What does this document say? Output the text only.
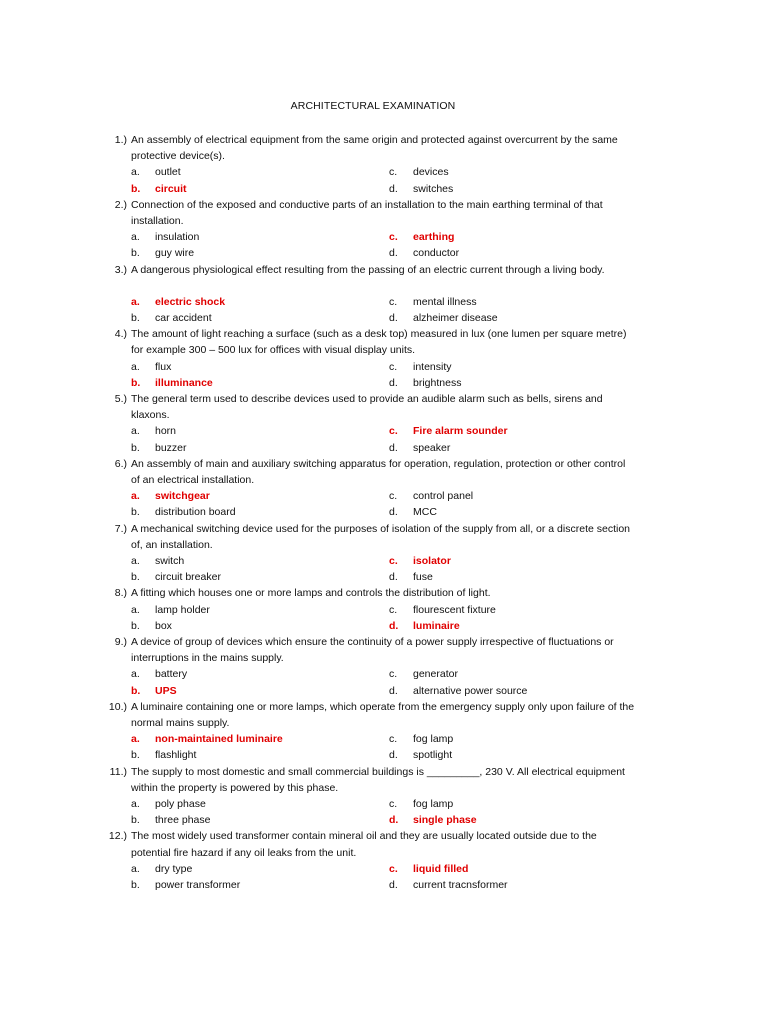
ARCHITECTURAL EXAMINATION
1.) An assembly of electrical equipment from the same origin and protected against overcurrent by the same protective device(s).
a.	outlet
b.	circuit
c.	devices
d.	switches
2.) Connection of the exposed and conductive parts of an installation to the main earthing terminal of that installation.
a.	insulation
b.	guy wire
c.	earthing
d.	conductor
3.) A dangerous physiological effect resulting from the passing of an electric current through a living body.
a.	electric shock
b.	car accident
c.	mental illness
d.	alzheimer disease
4.) The amount of light reaching a surface (such as a desk top) measured in lux (one lumen per square metre) for example 300 – 500 lux for offices with visual display units.
a.	flux
b.	illuminance
c.	intensity
d.	brightness
5.) The general term used to describe devices used to provide an audible alarm such as bells, sirens and klaxons.
a.	horn
b.	buzzer
c.	Fire alarm sounder
d.	speaker
6.) An assembly of main and auxiliary switching apparatus for operation, regulation, protection or other control of an electrical installation.
a.	switchgear
b.	distribution board
c.	control panel
d.	MCC
7.) A mechanical switching device used for the purposes of isolation of the supply from all, or a discrete section of, an installation.
a.	switch
b.	circuit breaker
c.	isolator
d.	fuse
8.) A fitting which houses one or more lamps and controls the distribution of light.
a.	lamp holder
b.	box
c.	flourescent fixture
d.	luminaire
9.) A device of group of devices which ensure the continuity of a power supply irrespective of fluctuations or interruptions in the mains supply.
a.	battery
b.	UPS
c.	generator
d.	alternative power source
10.) A luminaire containing one or more lamps, which operate from the emergency supply only upon failure of the normal mains supply.
a.	non-maintained luminaire
b.	flashlight
c.	fog lamp
d.	spotlight
11.) The supply to most domestic and small commercial buildings is _________, 230 V. All electrical equipment within the property is powered by this phase.
a.	poly phase
b.	three phase
c.	fog lamp
d.	single phase
12.) The most widely used transformer contain mineral oil and they are usually located outside due to the potential fire hazard if any oil leaks from the unit.
a.	dry type
b.	power transformer
c.	liquid filled
d.	current tracnsformer
